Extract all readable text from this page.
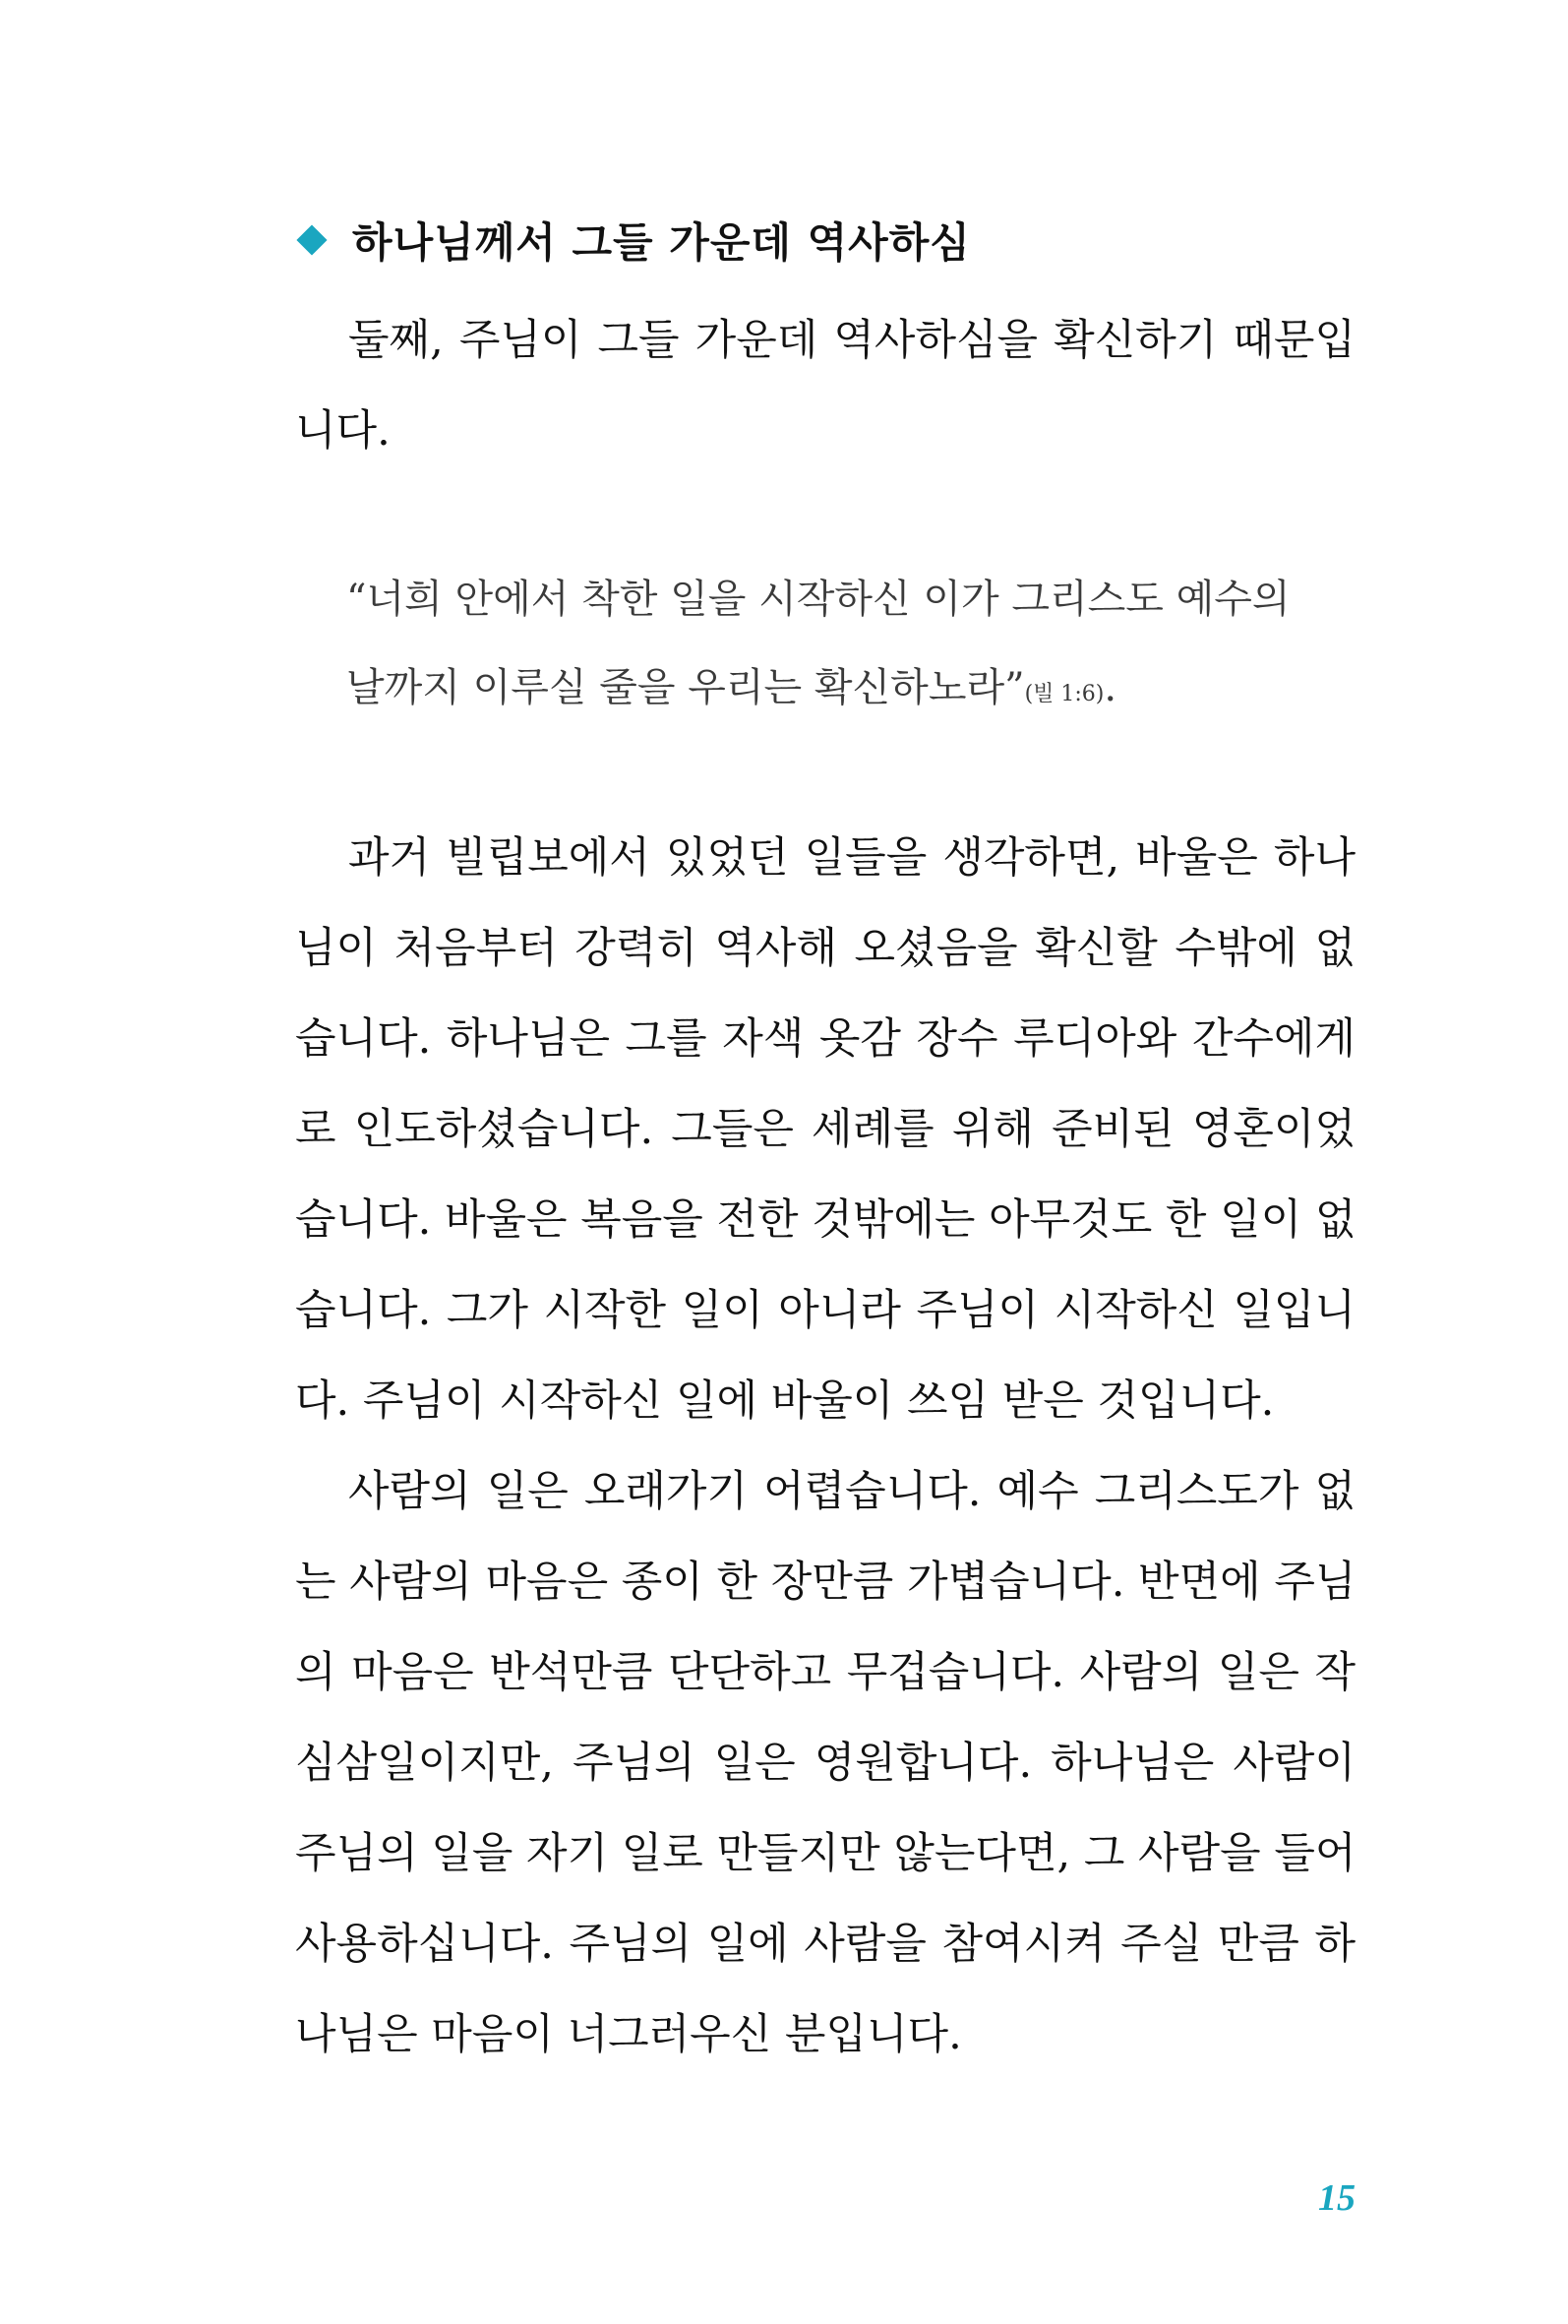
하나님께서 그들 가운데 역사하심
둘째, 주님이 그들 가운데 역사하심을 확신하기 때문입
니다.
“너희 안에서 착한 일을 시작하신 이가 그리스도 예수의
날까지 이루실 줄을 우리는 확신하노라”(빌 1:6).
과거 빌립보에서 있었던 일들을 생각하면, 바울은 하나
님이 처음부터 강력히 역사해 오셨음을 확신할 수밖에 없
습니다. 하나님은 그를 자색 옷감 장수 루디아와 간수에게
로 인도하셨습니다. 그들은 세례를 위해 준비된 영혼이었
습니다. 바울은 복음을 전한 것밖에는 아무것도 한 일이 없
습니다. 그가 시작한 일이 아니라 주님이 시작하신 일입니
다. 주님이 시작하신 일에 바울이 쓰임 받은 것입니다.
사람의 일은 오래가기 어렵습니다. 예수 그리스도가 없
는 사람의 마음은 종이 한 장만큼 가볍습니다. 반면에 주님
의 마음은 반석만큼 단단하고 무겁습니다. 사람의 일은 작
심삼일이지만, 주님의 일은 영원합니다. 하나님은 사람이
주님의 일을 자기 일로 만들지만 않는다면, 그 사람을 들어
사용하십니다. 주님의 일에 사람을 참여시켜 주실 만큼 하
나님은 마음이 너그러우신 분입니다.
15
